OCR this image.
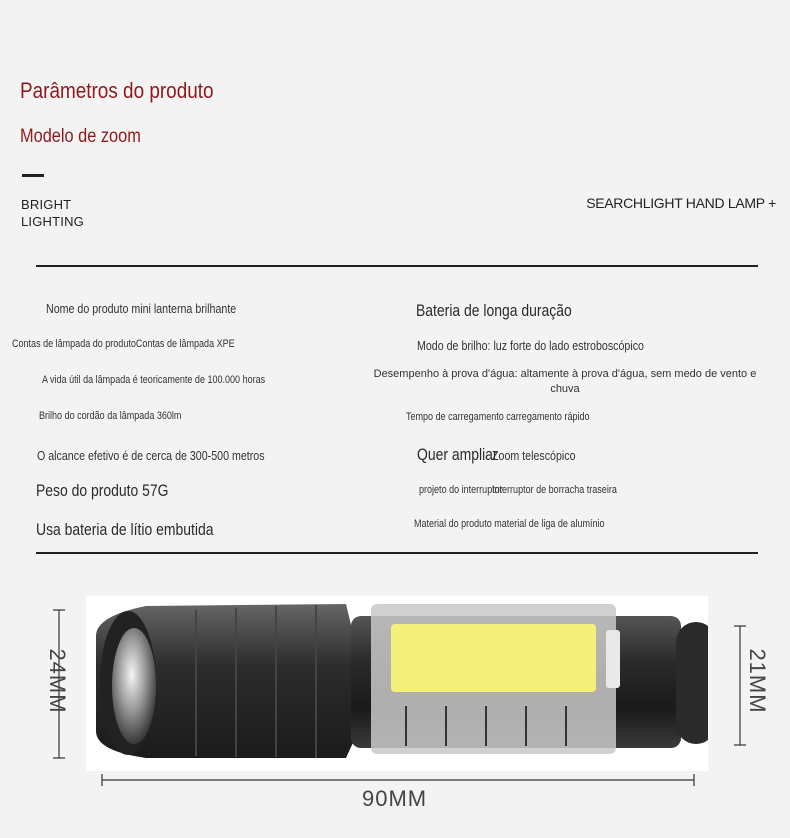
Parâmetros do produto
Modelo de zoom
BRIGHT LIGHTING
SEARCHLIGHT HAND LAMP +
Nome do produto mini lanterna brilhante
Contas de lâmpada do produtoContas de lâmpada XPE
A vida útil da lâmpada é teoricamente de 100.000 horas
Brilho do cordão da lâmpada 360lm
O alcance efetivo é de cerca de 300-500 metros
Peso do produto 57G
Usa bateria de lítio embutida
Bateria de longa duração
Modo de brilho: luz forte do lado estroboscópico
Desempenho à prova d'água: altamente à prova d'água, sem medo de vento e chuva
Tempo de carregamento carregamento rápido
Quer ampliar
Zoom telescópico
projeto do interruptor
Interruptor de borracha traseira
Material do produto material de liga de alumínio
24MM	21MM
90MM
